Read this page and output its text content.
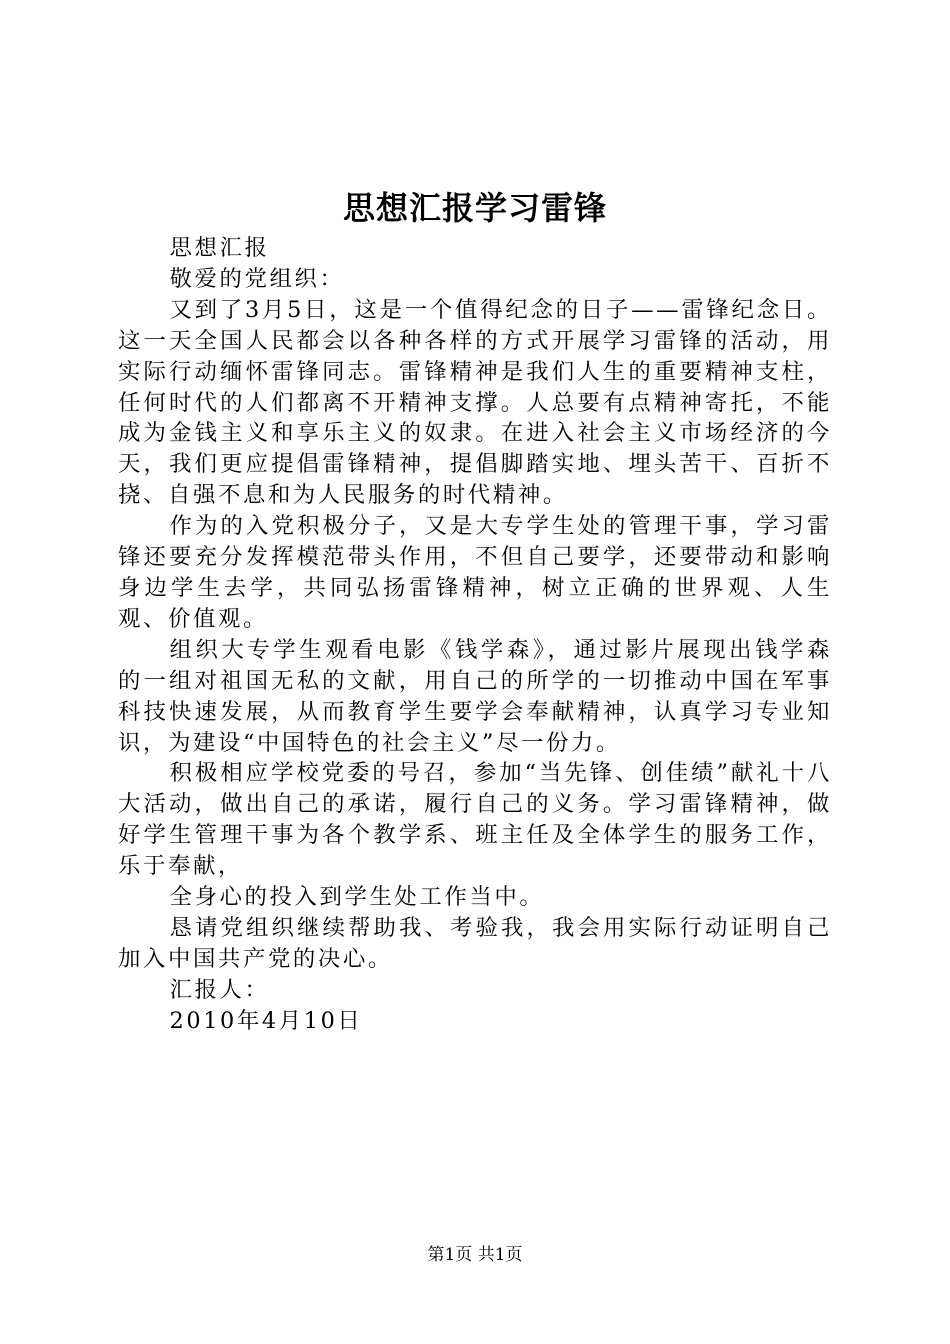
思想汇报学习雷锋

思想汇报

敬爱的党组织：

又到了3月5日，这是一个值得纪念的日子——雷锋纪念日。这一天全国人民都会以各种各样的方式开展学习雷锋的活动，用实际行动缅怀雷锋同志。雷锋精神是我们人生的重要精神支柱，任何时代的人们都离不开精神支撑。人总要有点精神寄托，不能成为金钱主义和享乐主义的奴隶。在进入社会主义市场经济的今天，我们更应提倡雷锋精神，提倡脚踏实地、埋头苦干、百折不挠、自强不息和为人民服务的时代精神。

作为的入党积极分子，又是大专学生处的管理干事，学习雷锋还要充分发挥模范带头作用，不但自己要学，还要带动和影响身边学生去学，共同弘扬雷锋精神，树立正确的世界观、人生观、价值观。

组织大专学生观看电影《钱学森》，通过影片展现出钱学森的一组对祖国无私的文献，用自己的所学的一切推动中国在军事科技快速发展，从而教育学生要学会奉献精神，认真学习专业知识，为建设“中国特色的社会主义”尽一份力。

积极相应学校党委的号召，参加“当先锋、创佳绩”献礼十八大活动，做出自己的承诺，履行自己的义务。学习雷锋精神，做好学生管理干事为各个教学系、班主任及全体学生的服务工作，乐于奉献，

全身心的投入到学生处工作当中。

恳请党组织继续帮助我、考验我，我会用实际行动证明自己加入中国共产党的决心。

汇报人：

2010年4月10日

第1页 共1页
